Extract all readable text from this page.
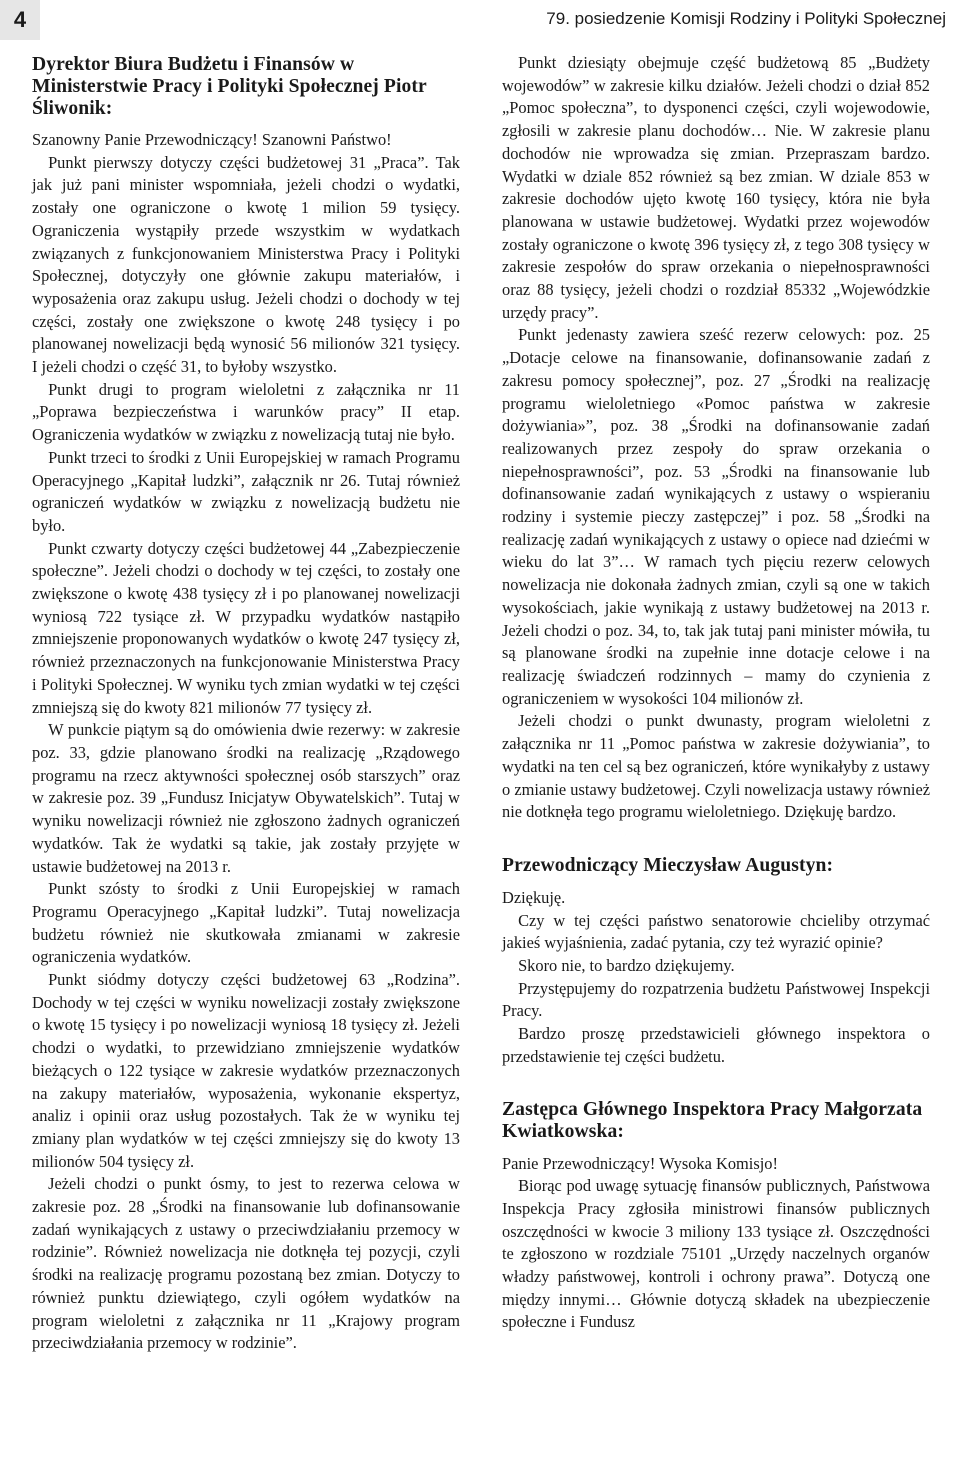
4	79. posiedzenie Komisji Rodziny i Polityki Społecznej
Dyrektor Biura Budżetu i Finansów w Ministerstwie Pracy i Polityki Społecznej Piotr Śliwonik:

Szanowny Panie Przewodniczący! Szanowni Państwo!

Punkt pierwszy dotyczy części budżetowej 31 „Praca”. Tak jak już pani minister wspomniała, jeżeli chodzi o wydatki, zostały one ograniczone o kwotę 1 milion 59 tysięcy. Ograniczenia wystąpiły przede wszystkim w wydatkach związanych z funkcjonowaniem Ministerstwa Pracy i Polityki Społecznej, dotyczyły one głównie zakupu materiałów, i wyposażenia oraz zakupu usług. Jeżeli chodzi o dochody w tej części, zostały one zwiększone o kwotę 248 tysięcy i po planowanej nowelizacji będą wynosić 56 milionów 321 tysięcy. I jeżeli chodzi o część 31, to byłoby wszystko.

Punkt drugi to program wieloletni z załącznika nr 11 „Poprawa bezpieczeństwa i warunków pracy” II etap. Ograniczenia wydatków w związku z nowelizacją tutaj nie było.

Punkt trzeci to środki z Unii Europejskiej w ramach Programu Operacyjnego „Kapitał ludzki”, załącznik nr 26. Tutaj również ograniczeń wydatków w związku z nowelizacją budżetu nie było.

Punkt czwarty dotyczy części budżetowej 44 „Zabezpieczenie społeczne”. Jeżeli chodzi o dochody w tej części, to zostały one zwiększone o kwotę 438 tysięcy zł i po planowanej nowelizacji wyniosą 722 tysiące zł. W przypadku wydatków nastąpiło zmniejszenie proponowanych wydatków o kwotę 247 tysięcy zł, również przeznaczonych na funkcjonowanie Ministerstwa Pracy i Polityki Społecznej. W wyniku tych zmian wydatki w tej części zmniejszą się do kwoty 821 milionów 77 tysięcy zł.

W punkcie piątym są do omówienia dwie rezerwy: w zakresie poz. 33, gdzie planowano środki na realizację „Rządowego programu na rzecz aktywności społecznej osób starszych” oraz w zakresie poz. 39 „Fundusz Inicjatyw Obywatelskich”. Tutaj w wyniku nowelizacji również nie zgłoszono żadnych ograniczeń wydatków. Tak że wydatki są takie, jak zostały przyjęte w ustawie budżetowej na 2013 r.

Punkt szósty to środki z Unii Europejskiej w ramach Programu Operacyjnego „Kapitał ludzki”. Tutaj nowelizacja budżetu również nie skutkowała zmianami w zakresie ograniczenia wydatków.

Punkt siódmy dotyczy części budżetowej 63 „Rodzina”. Dochody w tej części w wyniku nowelizacji zostały zwiększone o kwotę 15 tysięcy i po nowelizacji wyniosą 18 tysięcy zł. Jeżeli chodzi o wydatki, to przewidziano zmniejszenie wydatków bieżących o 122 tysiące w zakresie wydatków przeznaczonych na zakupy materiałów, wyposażenia, wykonanie ekspertyz, analiz i opinii oraz usług pozostałych. Tak że w wyniku tej zmiany plan wydatków w tej części zmniejszy się do kwoty 13 milionów 504 tysięcy zł.

Jeżeli chodzi o punkt ósmy, to jest to rezerwa celowa w zakresie poz. 28 „Środki na finansowanie lub dofinansowanie zadań wynikających z ustawy o przeciwdziałaniu przemocy w rodzinie”. Również nowelizacja nie dotknęła tej pozycji, czyli środki na realizację programu pozostaną bez zmian. Dotyczy to również punktu dziewiątego, czyli ogółem wydatków na program wieloletni z załącznika nr 11 „Krajowy program przeciwdziałania przemocy w rodzinie”.

Punkt dziesiąty obejmuje część budżetową 85 „Budżety wojewodów” w zakresie kilku działów. Jeżeli chodzi o dział 852 „Pomoc społeczna”, to dysponenci części, czyli wojewodowie, zgłosili w zakresie planu dochodów… Nie. W zakresie planu dochodów nie wprowadza się zmian. Przepraszam bardzo. Wydatki w dziale 852 również są bez zmian. W dziale 853 w zakresie dochodów ujęto kwotę 160 tysięcy, która nie była planowana w ustawie budżetowej. Wydatki przez wojewodów zostały ograniczone o kwotę 396 tysięcy zł, z tego 308 tysięcy w zakresie zespołów do spraw orzekania o niepełnosprawności oraz 88 tysięcy, jeżeli chodzi o rozdział 85332 „Wojewódzkie urzędy pracy”.

Punkt jedenasty zawiera sześć rezerw celowych: poz. 25 „Dotacje celowe na finansowanie, dofinansowanie zadań z zakresu pomocy społecznej”, poz. 27 „Środki na realizację programu wieloletniego «Pomoc państwa w zakresie dożywiania»”, poz. 38 „Środki na dofinansowanie zadań realizowanych przez zespoły do spraw orzekania o niepełnosprawności”, poz. 53 „Środki na finansowanie lub dofinansowanie zadań wynikających z ustawy o wspieraniu rodziny i systemie pieczy zastępczej” i poz. 58 „Środki na realizację zadań wynikających z ustawy o opiece nad dziećmi w wieku do lat 3”… W ramach tych pięciu rezerw celowych nowelizacja nie dokonała żadnych zmian, czyli są one w takich wysokościach, jakie wynikają z ustawy budżetowej na 2013 r. Jeżeli chodzi o poz. 34, to, tak jak tutaj pani minister mówiła, tu są planowane środki na zupełnie inne dotacje celowe i na realizację świadczeń rodzinnych – mamy do czynienia z ograniczeniem w wysokości 104 milionów zł.

Jeżeli chodzi o punkt dwunasty, program wieloletni z załącznika nr 11 „Pomoc państwa w zakresie dożywiania”, to wydatki na ten cel są bez ograniczeń, które wynikałyby z ustawy o zmianie ustawy budżetowej. Czyli nowelizacja ustawy również nie dotknęła tego programu wieloletniego. Dziękuję bardzo.

Przewodniczący Mieczysław Augustyn:

Dziękuję.

Czy w tej części państwo senatorowie chcieliby otrzymać jakieś wyjaśnienia, zadać pytania, czy też wyrazić opinie?

Skoro nie, to bardzo dziękujemy.

Przystępujemy do rozpatrzenia budżetu Państwowej Inspekcji Pracy.

Bardzo proszę przedstawicieli głównego inspektora o przedstawienie tej części budżetu.

Zastępca Głównego Inspektora Pracy Małgorzata Kwiatkowska:

Panie Przewodniczący! Wysoka Komisjo!

Biorąc pod uwagę sytuację finansów publicznych, Państwowa Inspekcja Pracy zgłosiła ministrowi finansów publicznych oszczędności w kwocie 3 miliony 133 tysiące zł. Oszczędności te zgłoszono w rozdziale 75101 „Urzędy naczelnych organów władzy państwowej, kontroli i ochrony prawa”. Dotyczą one między innymi… Głównie dotyczą składek na ubezpieczenie społeczne i Fundusz
